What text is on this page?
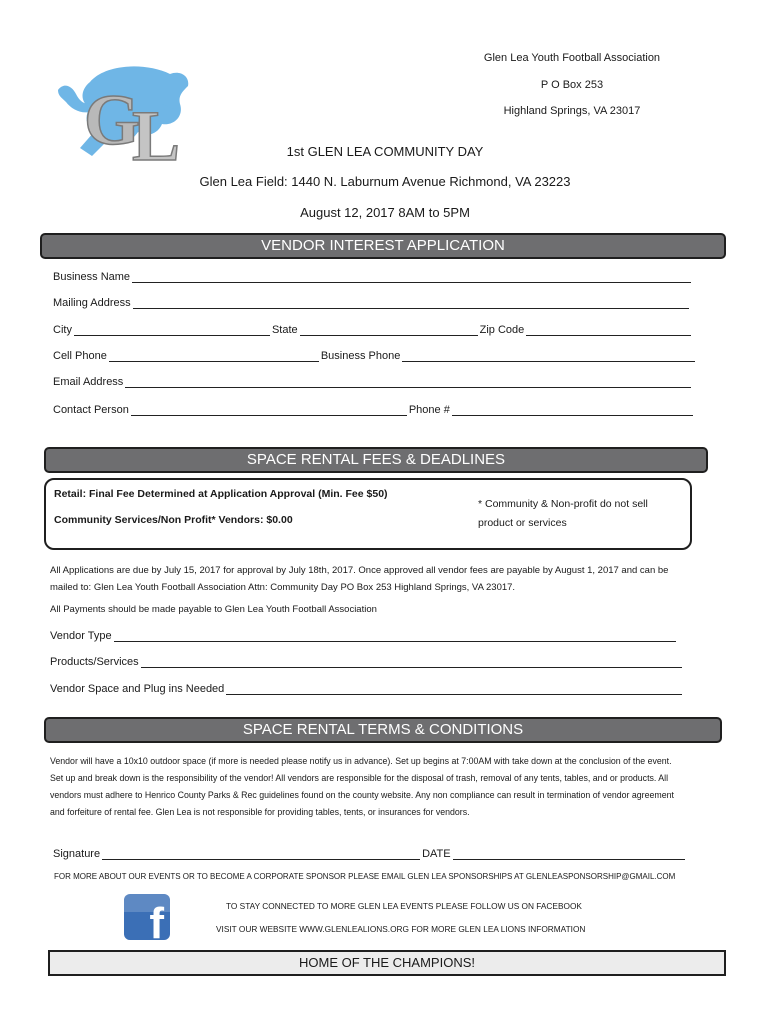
G
L
Glen Lea Youth Football Association
P O Box 253
Highland Springs, VA 23017
1st GLEN LEA COMMUNITY DAY
Glen Lea Field: 1440 N. Laburnum Avenue Richmond, VA 23223
August 12, 2017 8AM to 5PM
VENDOR INTEREST APPLICATION
Business Name
Mailing Address
City	State	Zip Code
Cell Phone	Business Phone
Email Address
Contact Person	Phone #
SPACE RENTAL FEES & DEADLINES
Retail: Final Fee Determined at Application Approval (Min. Fee $50)
Community Services/Non Profit* Vendors: $0.00
* Community & Non-profit do not sell
product or services
All Applications are due by July 15, 2017 for approval by July 18th, 2017. Once approved all vendor fees are payable by August 1, 2017 and can be
mailed to: Glen Lea Youth Football Association Attn: Community Day PO Box 253 Highland Springs, VA 23017.
All Payments should be made payable to Glen Lea Youth Football Association
Vendor Type
Products/Services
Vendor Space and Plug ins Needed
SPACE RENTAL TERMS & CONDITIONS
Vendor will have a 10x10 outdoor space (if more is needed please notify us in advance). Set up begins at 7:00AM with take down at the conclusion of the event.
Set up and break down is the responsibility of the vendor! All vendors are responsible for the disposal of trash, removal of any tents, tables, and or products. All
vendors must adhere to Henrico County Parks & Rec guidelines found on the county website. Any non compliance can result in termination of vendor agreement
and forfeiture of rental fee. Glen Lea is not responsible for providing tables, tents, or insurances for vendors.
Signature	DATE
FOR MORE ABOUT OUR EVENTS OR TO BECOME A CORPORATE SPONSOR PLEASE EMAIL GLEN LEA SPONSORSHIPS AT GLENLEASPONSORSHIP@GMAIL.COM
f	TO STAY CONNECTED TO MORE GLEN LEA EVENTS PLEASE FOLLOW US ON FACEBOOK
VISIT OUR WEBSITE WWW.GLENLEALIONS.ORG FOR MORE GLEN LEA LIONS INFORMATION
HOME OF THE CHAMPIONS!
